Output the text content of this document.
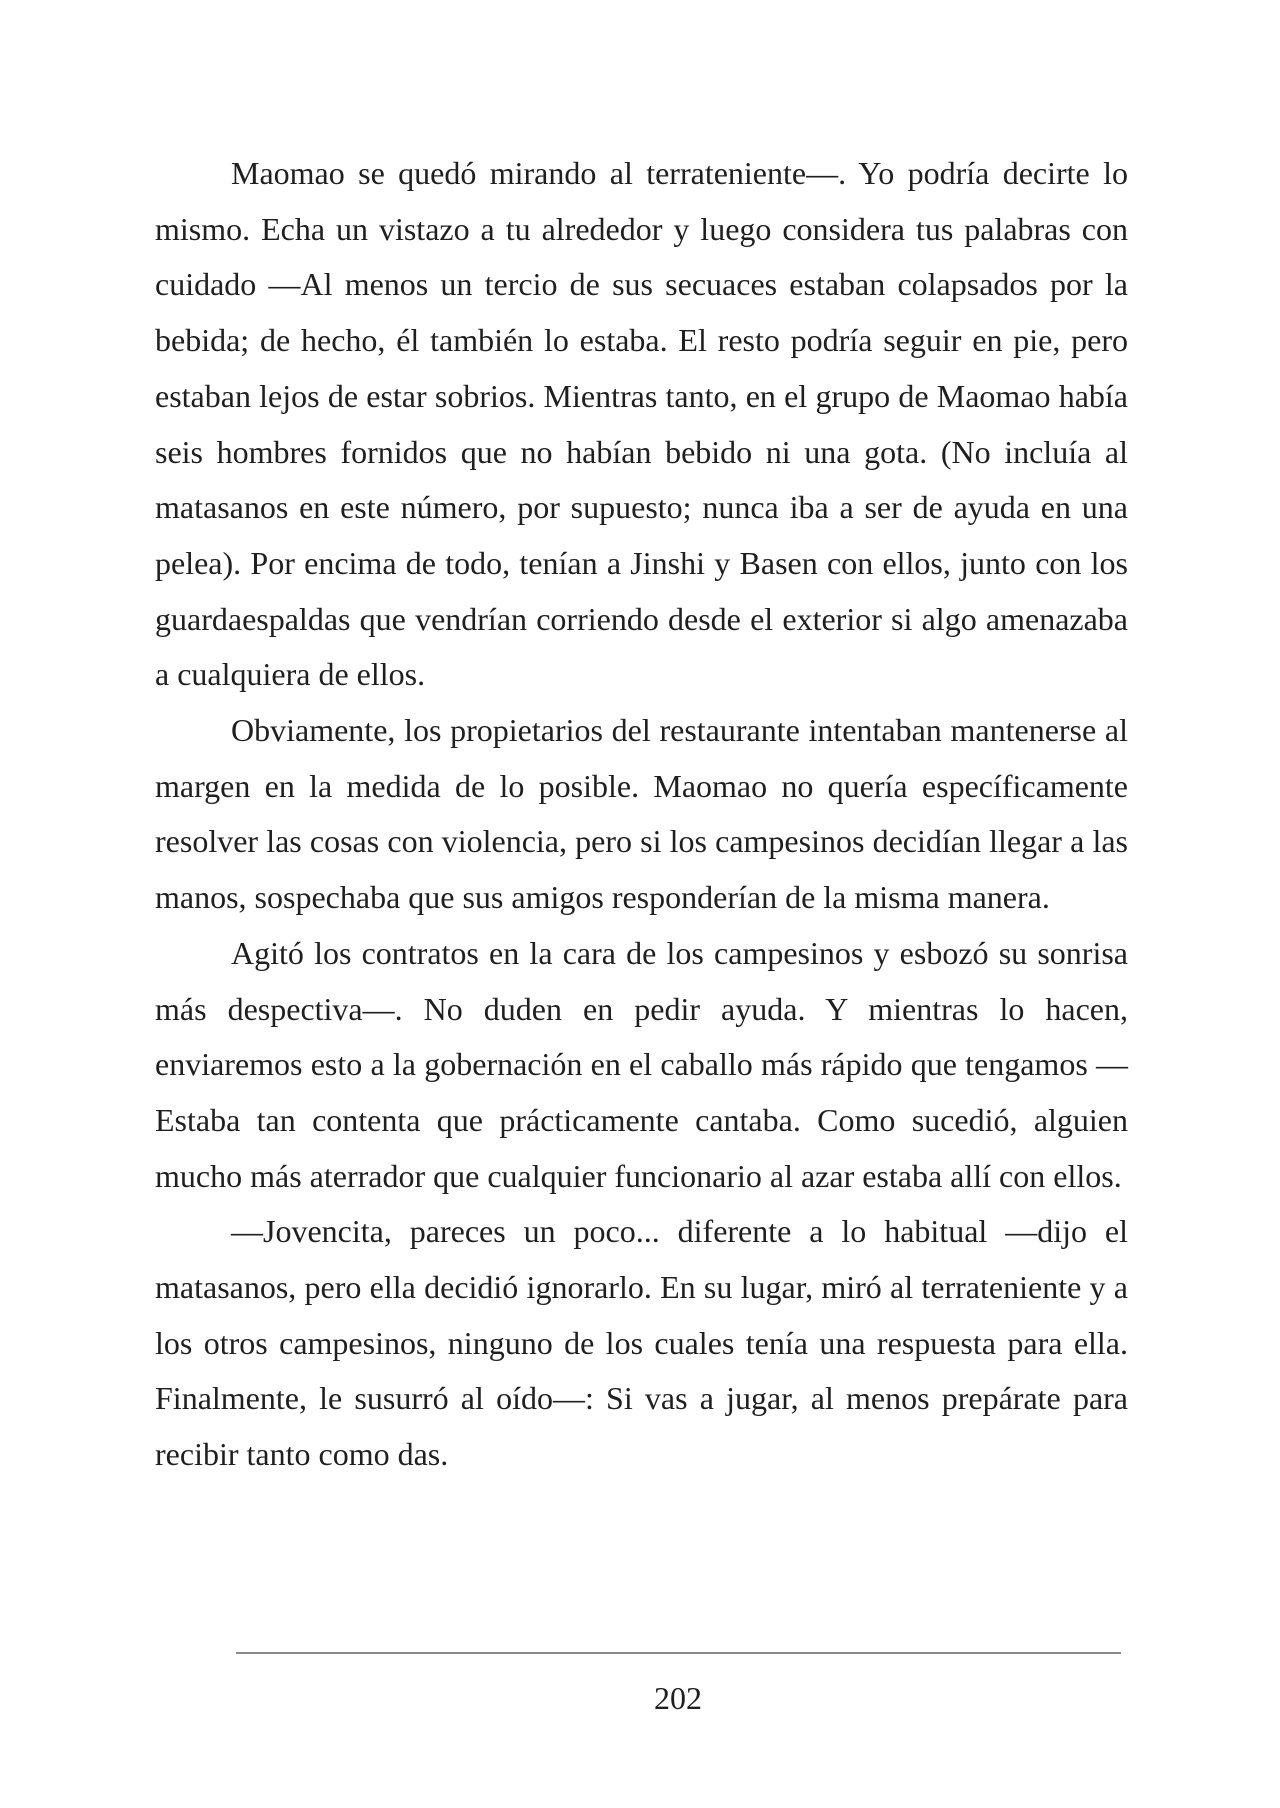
Maomao se quedó mirando al terrateniente—. Yo podría decirte lo mismo. Echa un vistazo a tu alrededor y luego considera tus palabras con cuidado —Al menos un tercio de sus secuaces estaban colapsados por la bebida; de hecho, él también lo estaba. El resto podría seguir en pie, pero estaban lejos de estar sobrios. Mientras tanto, en el grupo de Maomao había seis hombres fornidos que no habían bebido ni una gota. (No incluía al matasanos en este número, por supuesto; nunca iba a ser de ayuda en una pelea). Por encima de todo, tenían a Jinshi y Basen con ellos, junto con los guardaespaldas que vendrían corriendo desde el exterior si algo amenazaba a cualquiera de ellos.

Obviamente, los propietarios del restaurante intentaban mantenerse al margen en la medida de lo posible. Maomao no quería específicamente resolver las cosas con violencia, pero si los campesinos decidían llegar a las manos, sospechaba que sus amigos responderían de la misma manera.

Agitó los contratos en la cara de los campesinos y esbozó su sonrisa más despectiva—. No duden en pedir ayuda. Y mientras lo hacen, enviaremos esto a la gobernación en el caballo más rápido que tengamos —Estaba tan contenta que prácticamente cantaba. Como sucedió, alguien mucho más aterrador que cualquier funcionario al azar estaba allí con ellos.

—Jovencita, pareces un poco... diferente a lo habitual —dijo el matasanos, pero ella decidió ignorarlo. En su lugar, miró al terrateniente y a los otros campesinos, ninguno de los cuales tenía una respuesta para ella. Finalmente, le susurró al oído—: Si vas a jugar, al menos prepárate para recibir tanto como das.

202
